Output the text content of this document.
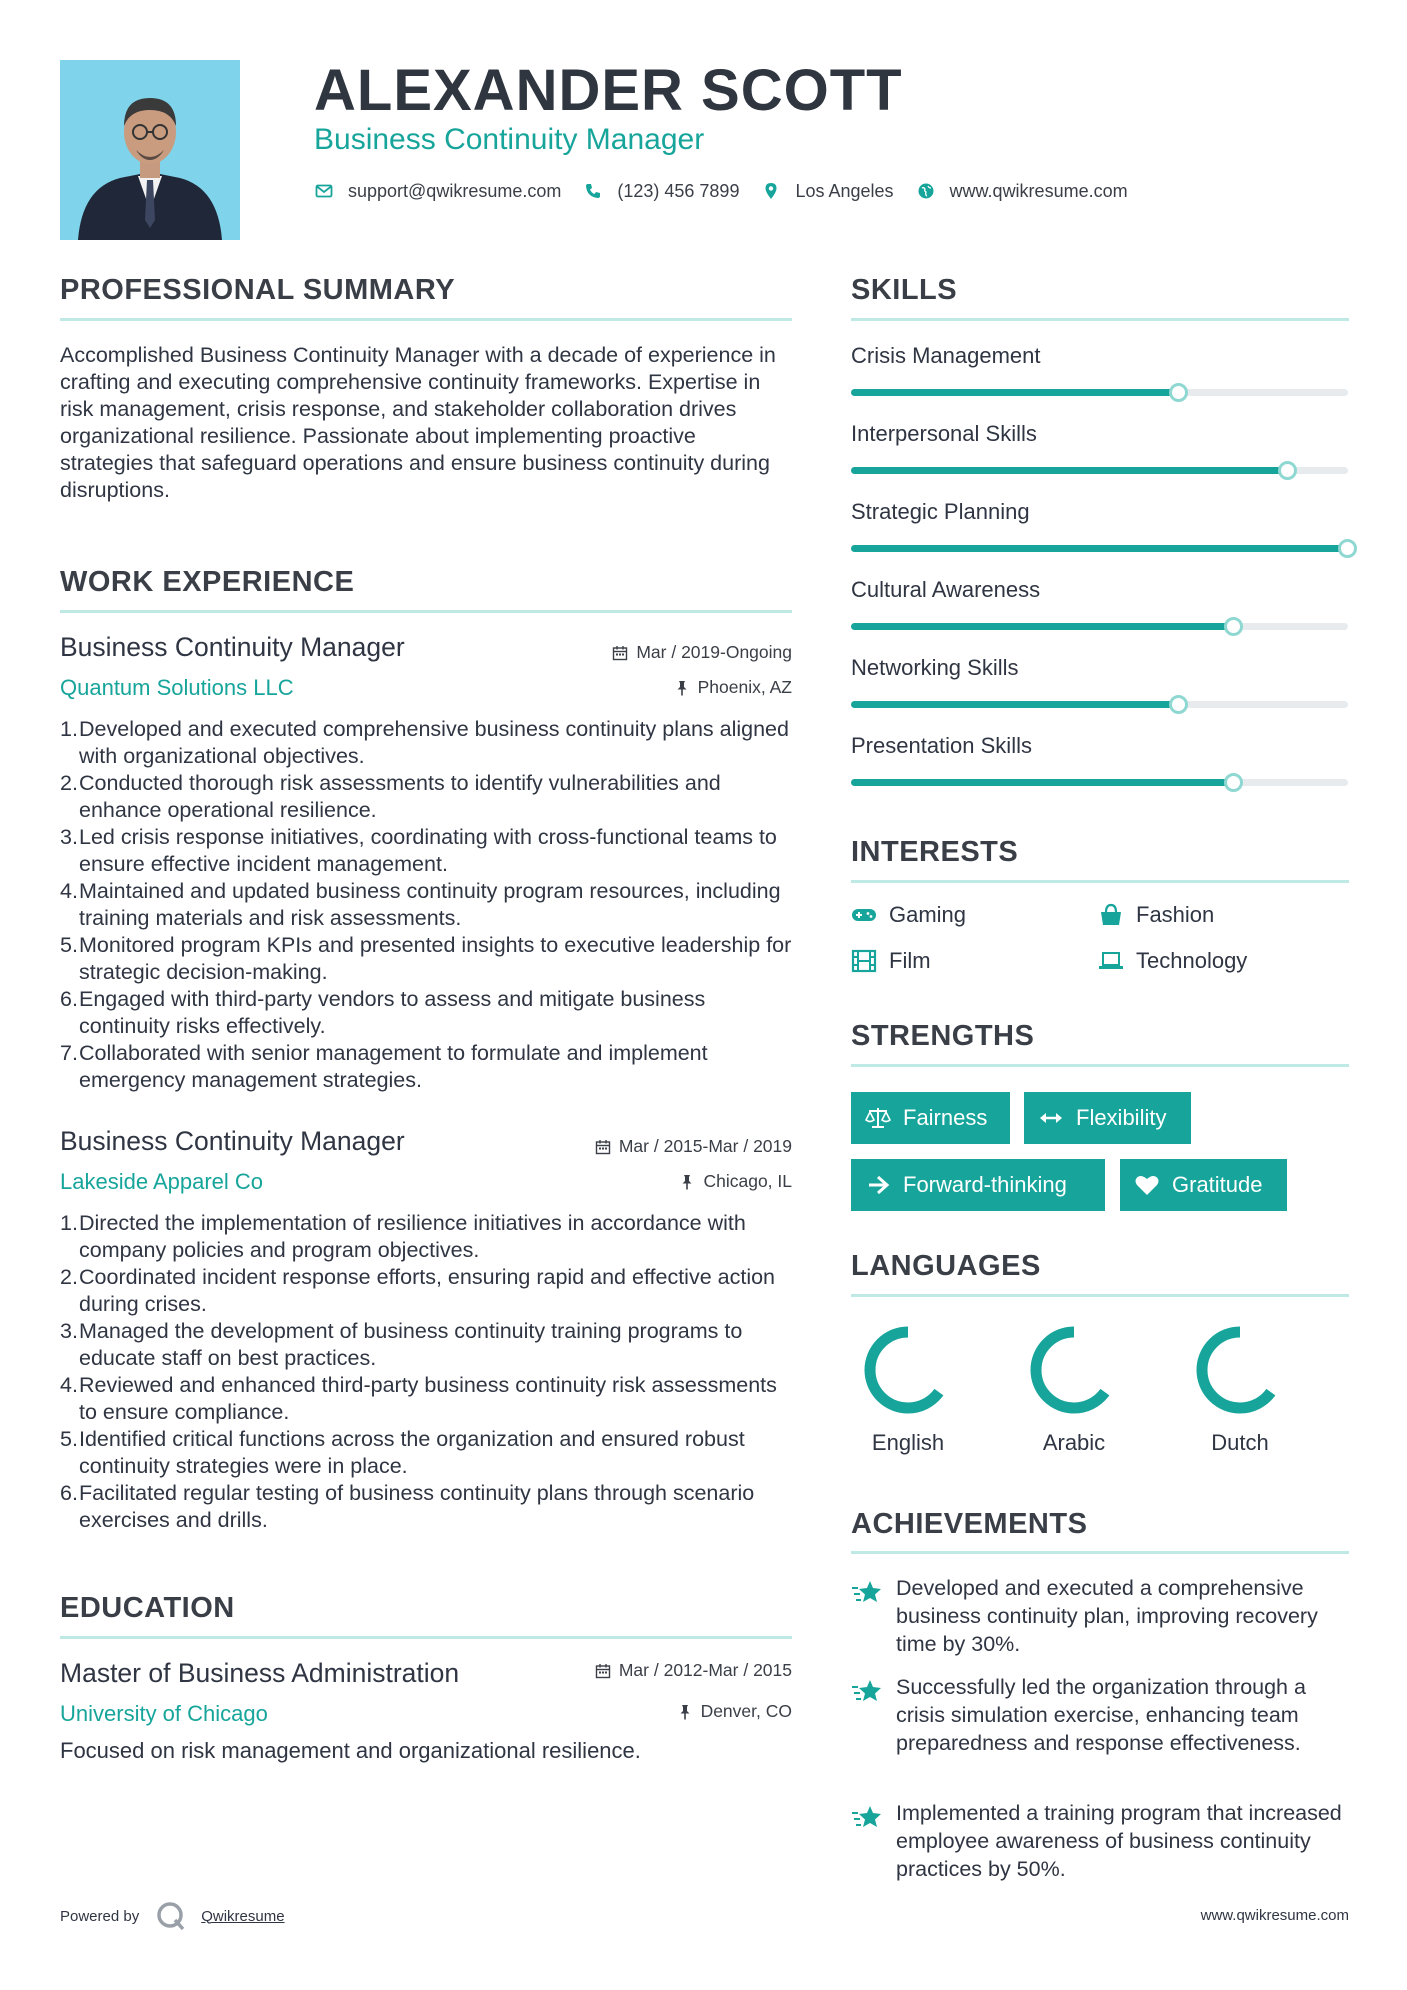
ALEXANDER SCOTT
Business Continuity Manager
support@qwikresume.com	(123) 456 7899	Los Angeles	www.qwikresume.com
PROFESSIONAL SUMMARY
Accomplished Business Continuity Manager with a decade of experience in crafting and executing comprehensive continuity frameworks. Expertise in risk management, crisis response, and stakeholder collaboration drives organizational resilience. Passionate about implementing proactive strategies that safeguard operations and ensure business continuity during disruptions.
WORK EXPERIENCE
Business Continuity Manager	Mar / 2019-Ongoing
Quantum Solutions LLC	Phoenix, AZ
Developed and executed comprehensive business continuity plans aligned with organizational objectives.
Conducted thorough risk assessments to identify vulnerabilities and enhance operational resilience.
Led crisis response initiatives, coordinating with cross-functional teams to ensure effective incident management.
Maintained and updated business continuity program resources, including training materials and risk assessments.
Monitored program KPIs and presented insights to executive leadership for strategic decision-making.
Engaged with third-party vendors to assess and mitigate business continuity risks effectively.
Collaborated with senior management to formulate and implement emergency management strategies.
Business Continuity Manager	Mar / 2015-Mar / 2019
Lakeside Apparel Co	Chicago, IL
Directed the implementation of resilience initiatives in accordance with company policies and program objectives.
Coordinated incident response efforts, ensuring rapid and effective action during crises.
Managed the development of business continuity training programs to educate staff on best practices.
Reviewed and enhanced third-party business continuity risk assessments to ensure compliance.
Identified critical functions across the organization and ensured robust continuity strategies were in place.
Facilitated regular testing of business continuity plans through scenario exercises and drills.
EDUCATION
Master of Business Administration	Mar / 2012-Mar / 2015
University of Chicago	Denver, CO
Focused on risk management and organizational resilience.
SKILLS
Crisis Management
Interpersonal Skills
Strategic Planning
Cultural Awareness
Networking Skills
Presentation Skills
INTERESTS
Gaming	Fashion
Film	Technology
STRENGTHS
Fairness	Flexibility
Forward-thinking	Gratitude
LANGUAGES
English	Arabic	Dutch
ACHIEVEMENTS
Developed and executed a comprehensive business continuity plan, improving recovery time by 30%.
Successfully led the organization through a crisis simulation exercise, enhancing team preparedness and response effectiveness.
Implemented a training program that increased employee awareness of business continuity practices by 50%.
Powered by	Qwikresume	www.qwikresume.com
